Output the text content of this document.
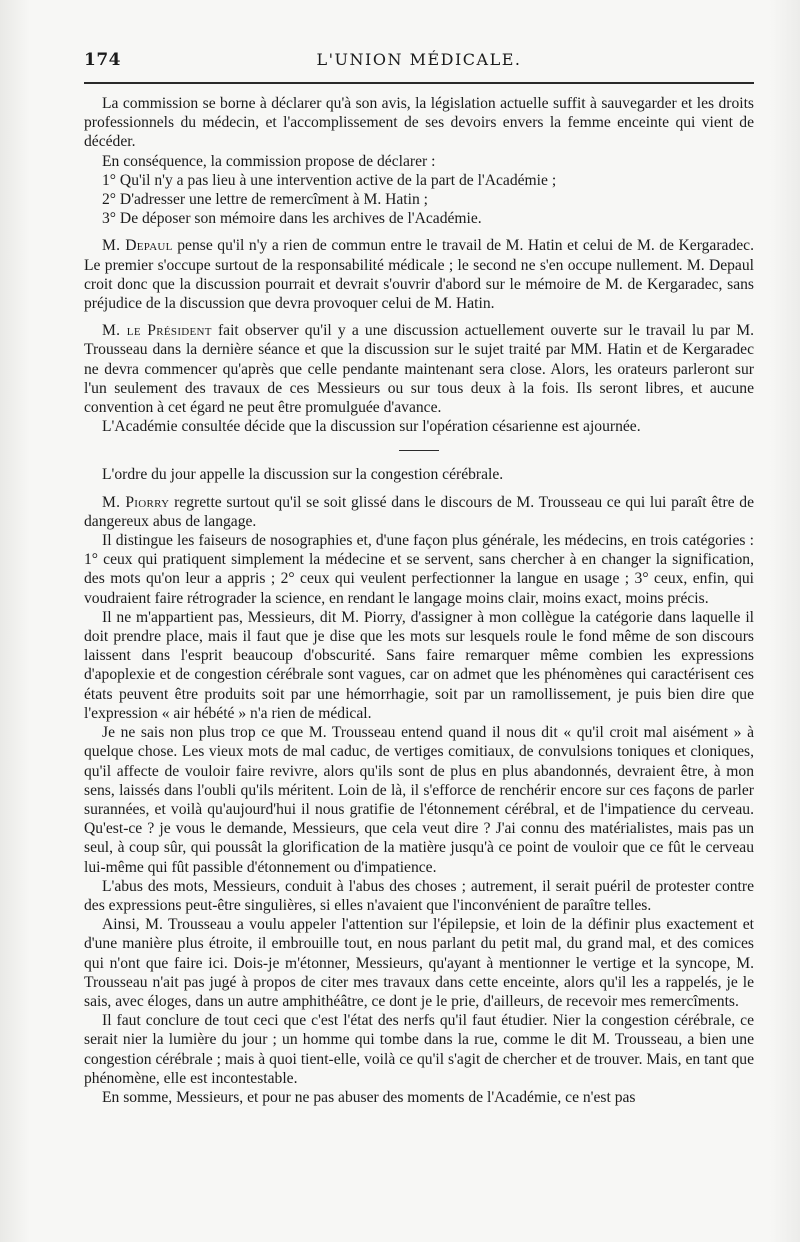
174	L'UNION MÉDICALE.

La commission se borne à déclarer qu'à son avis, la législation actuelle suffit à sauvegarder et les droits professionnels du médecin, et l'accomplissement de ses devoirs envers la femme enceinte qui vient de décéder.

En conséquence, la commission propose de déclarer :

1° Qu'il n'y a pas lieu à une intervention active de la part de l'Académie ;

2° D'adresser une lettre de remercîment à M. Hatin ;

3° De déposer son mémoire dans les archives de l'Académie.

M. Depaul pense qu'il n'y a rien de commun entre le travail de M. Hatin et celui de M. de Kergaradec. Le premier s'occupe surtout de la responsabilité médicale ; le second ne s'en occupe nullement. M. Depaul croit donc que la discussion pourrait et devrait s'ouvrir d'abord sur le mémoire de M. de Kergaradec, sans préjudice de la discussion que devra provoquer celui de M. Hatin.

M. le Président fait observer qu'il y a une discussion actuellement ouverte sur le travail lu par M. Trousseau dans la dernière séance et que la discussion sur le sujet traité par MM. Hatin et de Kergaradec ne devra commencer qu'après que celle pendante maintenant sera close. Alors, les orateurs parleront sur l'un seulement des travaux de ces Messieurs ou sur tous deux à la fois. Ils seront libres, et aucune convention à cet égard ne peut être promulguée d'avance.

L'Académie consultée décide que la discussion sur l'opération césarienne est ajournée.

L'ordre du jour appelle la discussion sur la congestion cérébrale.

M. Piorry regrette surtout qu'il se soit glissé dans le discours de M. Trousseau ce qui lui paraît être de dangereux abus de langage.

Il distingue les faiseurs de nosographies et, d'une façon plus générale, les médecins, en trois catégories : 1° ceux qui pratiquent simplement la médecine et se servent, sans chercher à en changer la signification, des mots qu'on leur a appris ; 2° ceux qui veulent perfectionner la langue en usage ; 3° ceux, enfin, qui voudraient faire rétrograder la science, en rendant le langage moins clair, moins exact, moins précis.

Il ne m'appartient pas, Messieurs, dit M. Piorry, d'assigner à mon collègue la catégorie dans laquelle il doit prendre place, mais il faut que je dise que les mots sur lesquels roule le fond même de son discours laissent dans l'esprit beaucoup d'obscurité. Sans faire remarquer même combien les expressions d'apoplexie et de congestion cérébrale sont vagues, car on admet que les phénomènes qui caractérisent ces états peuvent être produits soit par une hémorrhagie, soit par un ramollissement, je puis bien dire que l'expression « air hébété » n'a rien de médical.

Je ne sais non plus trop ce que M. Trousseau entend quand il nous dit « qu'il croit mal aisément » à quelque chose. Les vieux mots de mal caduc, de vertiges comitiaux, de convulsions toniques et cloniques, qu'il affecte de vouloir faire revivre, alors qu'ils sont de plus en plus abandonnés, devraient être, à mon sens, laissés dans l'oubli qu'ils méritent. Loin de là, il s'efforce de renchérir encore sur ces façons de parler surannées, et voilà qu'aujourd'hui il nous gratifie de l'étonnement cérébral, et de l'impatience du cerveau. Qu'est-ce ? je vous le demande, Messieurs, que cela veut dire ? J'ai connu des matérialistes, mais pas un seul, à coup sûr, qui poussât la glorification de la matière jusqu'à ce point de vouloir que ce fût le cerveau lui-même qui fût passible d'étonnement ou d'impatience.

L'abus des mots, Messieurs, conduit à l'abus des choses ; autrement, il serait puéril de protester contre des expressions peut-être singulières, si elles n'avaient que l'inconvénient de paraître telles.

Ainsi, M. Trousseau a voulu appeler l'attention sur l'épilepsie, et loin de la définir plus exactement et d'une manière plus étroite, il embrouille tout, en nous parlant du petit mal, du grand mal, et des comices qui n'ont que faire ici. Dois-je m'étonner, Messieurs, qu'ayant à mentionner le vertige et la syncope, M. Trousseau n'ait pas jugé à propos de citer mes travaux dans cette enceinte, alors qu'il les a rappelés, je le sais, avec éloges, dans un autre amphithéâtre, ce dont je le prie, d'ailleurs, de recevoir mes remercîments.

Il faut conclure de tout ceci que c'est l'état des nerfs qu'il faut étudier. Nier la congestion cérébrale, ce serait nier la lumière du jour ; un homme qui tombe dans la rue, comme le dit M. Trousseau, a bien une congestion cérébrale ; mais à quoi tient-elle, voilà ce qu'il s'agit de chercher et de trouver. Mais, en tant que phénomène, elle est incontestable.

En somme, Messieurs, et pour ne pas abuser des moments de l'Académie, ce n'est pas
